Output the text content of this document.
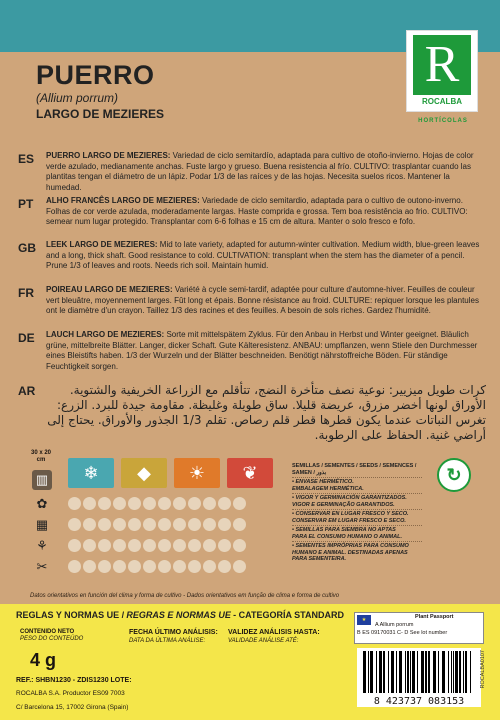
R
ROCALBA
HORTÍCOLAS
PUERRO
(Allium porrum)
LARGO DE MEZIERES
ES	PUERRO LARGO DE MEZIERES: Variedad de ciclo semitardío, adaptada para cultivo de otoño-invierno. Hojas de color verde azulado, medianamente anchas. Fuste largo y grueso. Buena resistencia al frío. CULTIVO: trasplantar cuando las plantitas tengan el diámetro de un lápiz. Podar 1/3 de las raíces y de las hojas. Necesita suelos ricos. Mantener la humedad.
PT	ALHO FRANCÊS LARGO DE MEZIERES: Variedade de ciclo semitardio, adaptada para o cultivo de outono-inverno. Folhas de cor verde azulada, moderadamente largas. Haste comprida e grossa. Tem boa resistência ao frio. CULTIVO: semear num lugar protegido. Transplantar com 6-6 folhas e 15 cm de altura. Manter o solo fresco e fofo.
GB	LEEK LARGO DE MEZIERES: Mid to late variety, adapted for autumn-winter cultivation. Medium width, blue-green leaves and a long, thick shaft. Good resistance to cold. CULTIVATION: transplant when the stem has the diameter of a pencil. Prune 1/3 of leaves and roots. Needs rich soil. Maintain humid.
FR	POIREAU LARGO DE MEZIERES: Variété à cycle semi-tardif, adaptée pour culture d'automne-hiver. Feuilles de couleur vert bleuâtre, moyennement larges. Fût long et épais. Bonne résistance au froid. CULTURE: repiquer lorsque les plantules ont le diamètre d'un crayon. Taillez 1/3 des racines et des feuilles. A besoin de sols riches. Gardez l'humidité.
DE	LAUCH LARGO DE MEZIERES: Sorte mit mittelspätem Zyklus. Für den Anbau in Herbst und Winter geeignet. Bläulich grüne, mittelbreite Blätter. Langer, dicker Schaft. Gute Kälteresistenz. ANBAU: umpflanzen, wenn Stiele den Durchmesser eines Bleistifts haben. 1/3 der Wurzeln und der Blätter beschneiden. Benötigt nährstoffreiche Böden. Für ständige Feuchtigkeit sorgen.
AR	كرات طويل ميزيير: نوعية نصف متأخرة النضج، تتأقلم مع الزراعة الخريفية والشتوية. الأوراق لونها أخضر مزرق، عريضة قليلا. ساق طويلة وغليظة. مقاومة جيدة للبرد. الزرع: تغرس النباتات عندما يكون قطرها قطر قلم رصاص. تقلم 1/3 الجذور والأوراق. يحتاج إلى أراضي غنية. الحفاظ على الرطوبة.
30 x 20 cm
▥	❄	◆	☀	❦
✿
▦
⚘
✂
SEMILLAS / SEMENTES / SEEDS / SEMENCES / SAMEN / بذور
• ENVASE HERMÉTICO.
EMBALAGEM HERMÉTICA.
• VIGOR Y GERMINACIÓN GARANTIZADOS.
VIGOR E GERMINAÇÃO GARANTIDOS.
• CONSERVAR EN LUGAR FRESCO Y SECO.
CONSERVAR EM LUGAR FRESCO E SECO.
• SEMILLAS PARA SIEMBRA NO APTAS
PARA EL CONSUMO HUMANO O ANIMAL.
• SEMENTES IMPRÓPRIAS PARA CONSUMO
HUMANO E ANIMAL. DESTINADAS APENAS PARA SEMENTEIRA.
↻
Datos orientativos en función del clima y forma de cultivo - Dados orientativos em função de clima e forma de cultivo
REGLAS Y NORMAS UE / REGRAS E NORMAS UE - CATEGORÍA STANDARD
CONTENIDO NETO
PESO DO CONTEÚDO
4 g
FECHA ÚLTIMO ANÁLISIS:
DATA DA ÚLTIMA ANÁLISE:
VALIDEZ ANÁLISIS HASTA:
VALIDADE ANÁLISE ATÉ:
REF.: SHBN1230 - ZDIS1230 LOTE:
ROCALBA S.A. Productor ES09 7003
C/ Barcelona 15, 17002 Girona (Spain)
★	Plant Passport
A Allium porrum
B ES 09170031 C- D See lot number
8 423737 083153
ROCALBA0107
